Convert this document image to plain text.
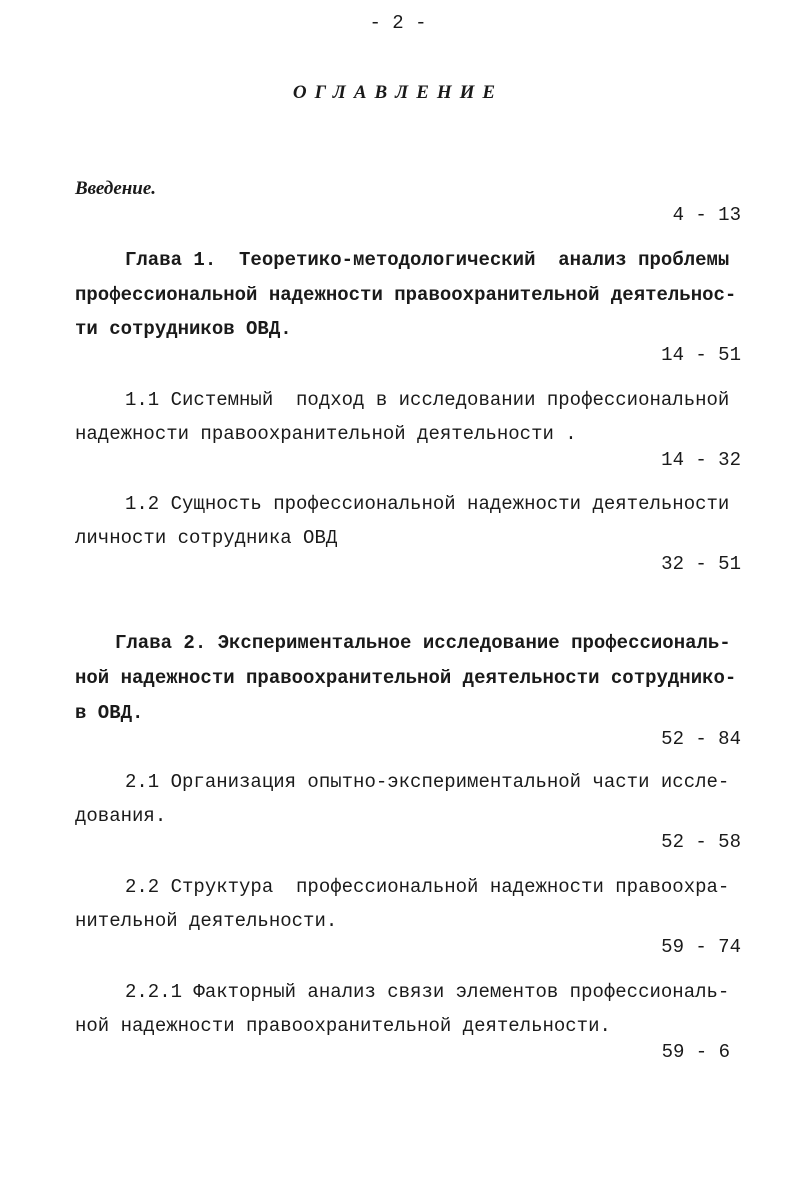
- 2 -
ОГЛАВЛЕНИЕ

Введение.

4 - 13

Глава 1.  Теоретико-методологический  анализ проблемы

профессиональной надежности правоохранительной деятельнос-

ти сотрудников ОВД.

14 - 51

1.1 Системный  подход в исследовании профессиональной

надежности правоохранительной деятельности .

14 - 32

1.2 Сущность профессиональной надежности деятельности

личности сотрудника ОВД

32 - 51

Глава 2. Экспериментальное исследование профессиональ-

ной надежности правоохранительной деятельности сотруднико-

в ОВД.

52 - 84

2.1 Организация опытно-экспериментальной части иссле-

дования.

52 - 58

2.2 Структура  профессиональной надежности правоохра-

нительной деятельности.

59 - 74

2.2.1 Факторный анализ связи элементов профессиональ-

ной надежности правоохранительной деятельности.

59 - 6
